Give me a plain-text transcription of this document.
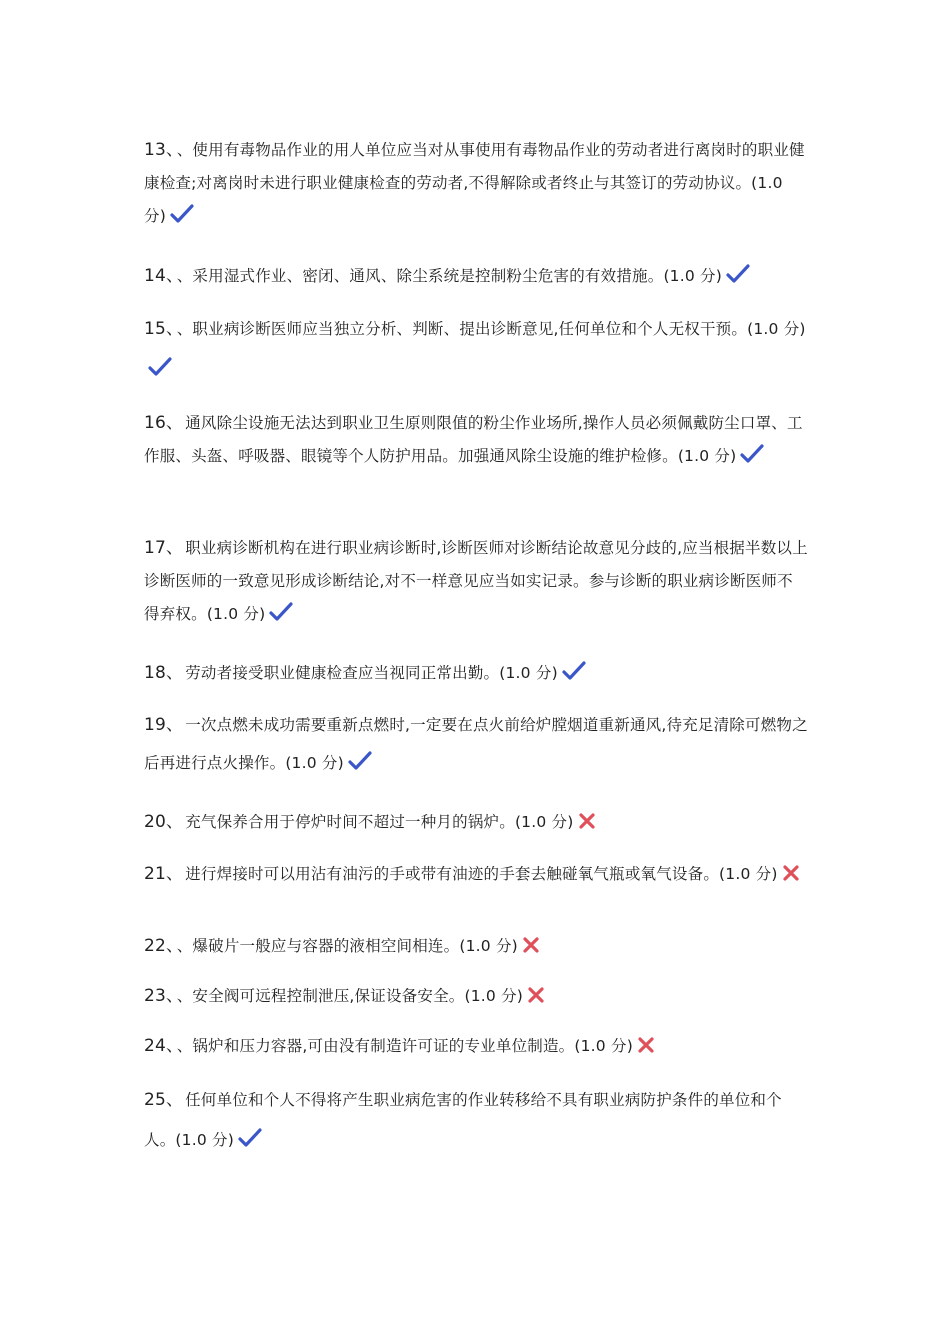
13、 、使用有毒物品作业的用人单位应当对从事使用有毒物品作业的劳动者进行离岗时的职业健康检查;对离岗时未进行职业健康检查的劳动者,不得解除或者终止与其签订的劳动协议。(1.0 分)
14、 、采用湿式作业、密闭、通风、除尘系统是控制粉尘危害的有效措施。(1.0 分)
15、 、职业病诊断医师应当独立分析、判断、提出诊断意见,任何单位和个人无权干预。(1.0 分)
16、 通风除尘设施无法达到职业卫生原则限值的粉尘作业场所,操作人员必须佩戴防尘口罩、工作服、头盔、呼吸器、眼镜等个人防护用品。加强通风除尘设施的维护检修。(1.0 分)
17、 职业病诊断机构在进行职业病诊断时,诊断医师对诊断结论故意见分歧的,应当根据半数以上诊断医师的一致意见形成诊断结论,对不一样意见应当如实记录。参与诊断的职业病诊断医师不得弃权。(1.0 分)
18、 劳动者接受职业健康检查应当视同正常出勤。(1.0 分)
19、 一次点燃未成功需要重新点燃时,一定要在点火前给炉膛烟道重新通风,待充足清除可燃物之后再进行点火操作。(1.0 分)
20、 充气保养合用于停炉时间不超过一种月的锅炉。(1.0 分)
21、 进行焊接时可以用沾有油污的手或带有油迹的手套去触碰氧气瓶或氧气设备。(1.0 分)
22、 、爆破片一般应与容器的液相空间相连。(1.0 分)
23、 、安全阀可远程控制泄压,保证设备安全。(1.0 分)
24、 、锅炉和压力容器,可由没有制造许可证的专业单位制造。(1.0 分)
25、 任何单位和个人不得将产生职业病危害的作业转移给不具有职业病防护条件的单位和个人。(1.0 分)
